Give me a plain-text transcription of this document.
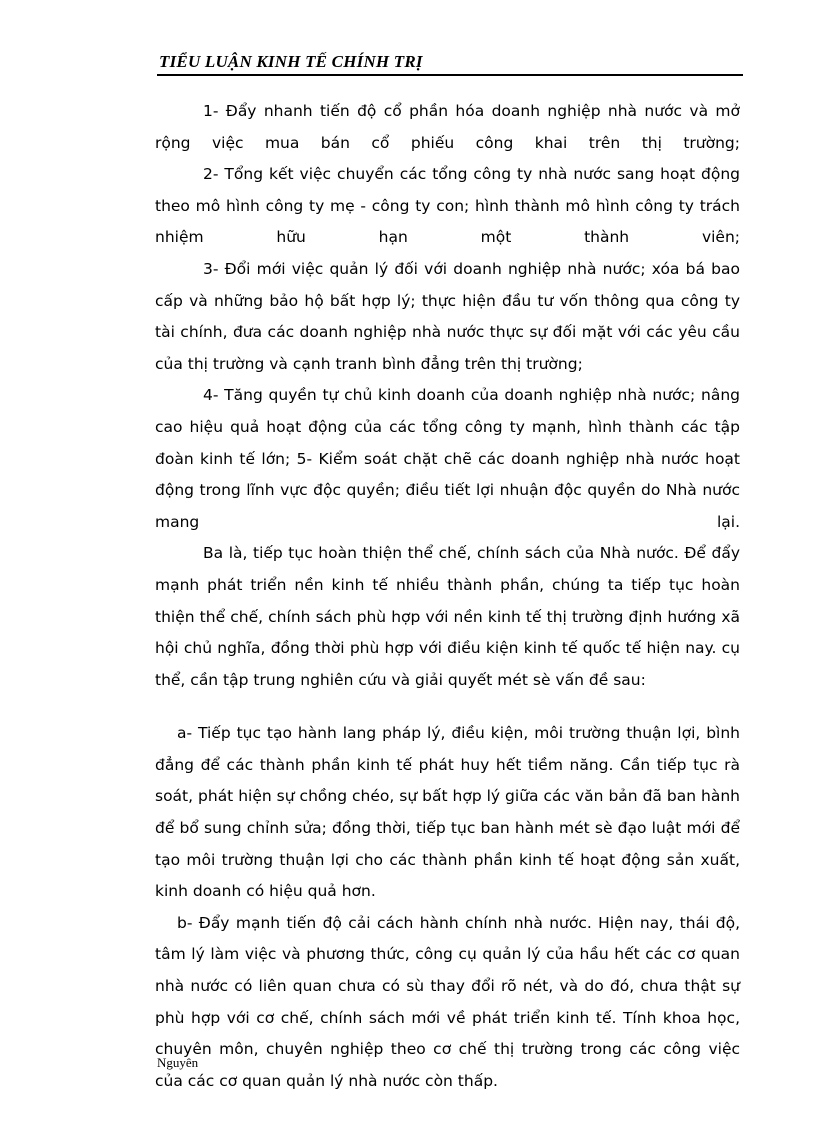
TIỂU LUẬN KINH TẾ CHÍNH TRỊ

1- Đẩy nhanh tiến độ cổ phần hóa doanh nghiệp nhà nước và mở rộng việc mua bán cổ phiếu công khai trên thị trường;

2- Tổng kết việc chuyển các tổng công ty nhà nước sang hoạt động theo mô hình công ty mẹ - công ty con; hình thành mô hình công ty trách nhiệm hữu hạn một thành viên;

3- Đổi mới việc quản lý đối với doanh nghiệp nhà nước; xóa bá bao cấp và những bảo hộ bất hợp lý; thực hiện đầu tư vốn thông qua công ty tài chính, đưa các doanh nghiệp nhà nước thực sự đối mặt với các yêu cầu của thị trường và cạnh tranh bình đẳng trên thị trường;

4- Tăng quyền tự chủ kinh doanh của doanh nghiệp nhà nước; nâng cao hiệu quả hoạt động của các tổng công ty mạnh, hình thành các tập đoàn kinh tế lớn; 5- Kiểm soát chặt chẽ các doanh nghiệp nhà nước hoạt động trong lĩnh vực độc quyền; điều tiết lợi nhuận độc quyền do Nhà nước mang lại.

Ba là, tiếp tục hoàn thiện thể chế, chính sách của Nhà nước. Để đẩy mạnh phát triển nền kinh tế nhiều thành phần, chúng ta tiếp tục hoàn thiện thể chế, chính sách phù hợp với nền kinh tế thị trường định hướng xã hội chủ nghĩa, đồng thời phù hợp với điều kiện kinh tế quốc tế hiện nay. cụ thể, cần tập trung nghiên cứu và giải quyết mét sè vấn đề sau:

a- Tiếp tục tạo hành lang pháp lý, điều kiện, môi trường thuận lợi, bình đẳng để các thành phần kinh tế phát huy hết tiềm năng. Cần tiếp tục rà soát, phát hiện sự chồng chéo, sự bất hợp lý giữa các văn bản đã ban hành để bổ sung chỉnh sửa; đồng thời, tiếp tục ban hành mét sè đạo luật mới để tạo môi trường thuận lợi cho các thành phần kinh tế hoạt động sản xuất, kinh doanh có hiệu quả hơn.

b- Đẩy mạnh tiến độ cải cách hành chính nhà nước. Hiện nay, thái độ, tâm lý làm việc và phương thức, công cụ quản lý của hầu hết các cơ quan nhà nước có liên quan chưa có sù thay đổi rõ nét, và do đó, chưa thật sự phù hợp với cơ chế, chính sách mới về phát triển kinh tế. Tính khoa học, chuyên môn, chuyên nghiệp theo cơ chế thị trường trong các công việc của các cơ quan quản lý nhà nước còn thấp.

Nguyên
